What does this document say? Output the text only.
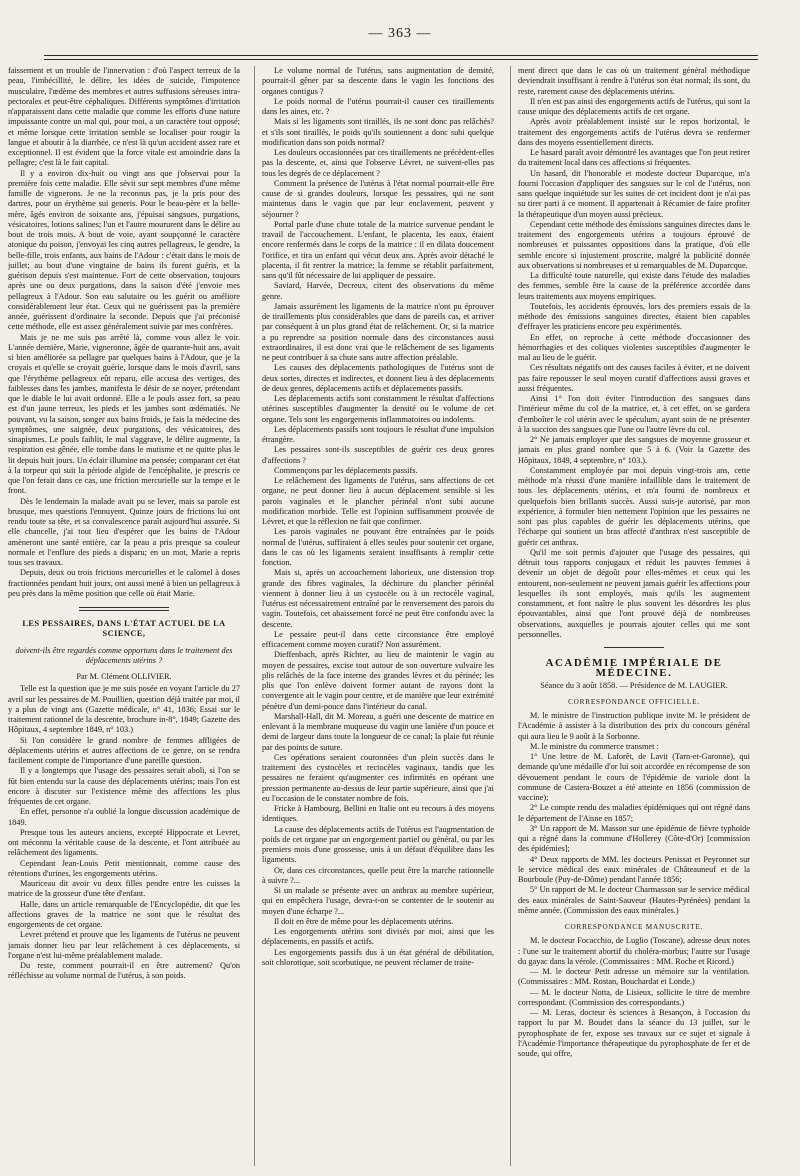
— 363 —

faissement et un trouble de l'innervation : d'où l'aspect terreux de la peau, l'imbécillité, le délire, les idées de suicide, l'impotence musculaire, l'œdème des membres et autres suffusions séreuses intra-pectorales et peut-être céphaliques. Différents symptômes d'irritation n'apparaissent dans cette maladie que comme les efforts d'une nature impuissante contre un mal qui, pour moi, a un caractère tout opposé; et même lorsque cette irritation semble se localiser pour rougir la langue et aboutir à la diarrhée, ce n'est là qu'un accident assez rare et exceptionnel. Il est évident que la force vitale est amoindrie dans la pellagre; c'est là le fait capital.

Il y a environ dix-huit ou vingt ans que j'observai pour la première fois cette maladie. Elle sévit sur sept membres d'une même famille de vignerons. Je ne la reconnus pas, je la pris pour des dartres, pour un érythème sui generis. Pour le beau-père et la belle-mère, âgés environ de soixante ans, j'épuisai sangsues, purgations, vésicatoires, lotions salines; l'un et l'autre moururent dans le délire au bout de trois mois. A bout de voie, ayant soupçonné le caractère atonique du poison, j'envoyai les cinq autres pellagreux, le gendre, la belle-fille, trois enfants, aux bains de l'Adour : c'était dans le mois de juillet; au bout d'une vingtaine de bains ils furent guéris, et la guérison depuis s'est maintenue. Fort de cette observation, toujours après une ou deux purgations, dans la saison d'été j'envoie mes pellagreux à l'Adour. Son eau salutaire ou les guérit ou améliore considérablement leur état. Ceux qui ne guérissent pas la première année, guérissent d'ordinaire la seconde. Depuis que j'ai préconisé cette méthode, elle est assez généralement suivie par mes confrères.

Mais je ne me suis pas arrêté là, comme vous allez le voir. L'année dernière, Marie, vigneronne, âgée de quarante-huit ans, avait si bien améliorée sa pellagre par quelques bains à l'Adour, que je la croyais et qu'elle se croyait guérie, lorsque dans le mois d'avril, sans que l'érythème pellagreux eût reparu, elle accusa des vertiges, des faiblesses dans les jambes, manifesta le désir de se noyer, prétendant que le diable le lui avait ordonné. Elle a le pouls assez fort, sa peau est d'un jaune terreux, les pieds et les jambes sont œdématiés. Ne pouvant, vu la saison, songer aux bains froids, je fais la médecine des symptômes, une saignée, deux purgations, des vésicatoires, des sinapismes. Le pouls faiblit, le mal s'aggrave, le délire augmente, la respiration est gênée, elle tombe dans le mutisme et ne quitte plus le lit depuis huit jours. Un éclair illumine ma pensée; comparant cet état à la torpeur qui suit la période algide de l'encéphalite, je prescris ce que l'on ferait dans ce cas, une friction mercurielle sur la tempe et le front.

Dès le lendemain la malade avait pu se lever, mais sa parole est brusque, mes questions l'ennuyent. Quinze jours de frictions lui ont rendu toute sa tête, et sa convalescence paraît aujourd'hui assurée. Si elle chancelle, j'ai tout lieu d'espérer que les bains de l'Adour amèneront une santé entière, car la peau a pris presque sa couleur normale et l'enflure des pieds a disparu; en un mot, Marie a repris tous ses travaux.

Depuis, deux ou trois frictions mercurielles et le calomel à doses fractionnées pendant huit jours, ont aussi mené à bien un pellagreux à peu près dans la même position que celle où était Marie.

LES PESSAIRES, DANS L'ÉTAT ACTUEL DE LA SCIENCE,
doivent-ils être regardés comme opportuns dans le traitement des déplacements utérins ?
Par M. Clément OLLIVIER.

Telle est la question que je me suis posée en voyant l'article du 27 avril sur les pessaires de M. Pouillien, question déjà traitée par moi, il y a plus de vingt ans (Gazette médicale, n° 41, 1836; Essai sur le traitement rationnel de la descente, brochure in-8°, 1849; Gazette des Hôpitaux, 4 septembre 1849, n° 103.)

Si l'on considère le grand nombre de femmes affligées de déplacements utérins et autres affections de ce genre, on se rendra facilement compte de l'importance d'une pareille question.

Il y a longtemps que l'usage des pessaires serait aboli, si l'on se fût bien entendu sur la cause des déplacements utérins; mais l'on est encore à discuter sur l'existence même des affections les plus fréquentes de cet organe.

En effet, personne n'a oublié la longue discussion académique de 1849.

Presque tous les auteurs anciens, excepté Hippocrate et Levret, ont méconnu la véritable cause de la descente, et l'ont attribuée au relâchement des ligaments.

Cependant Jean-Louis Petit mentionnait, comme cause des rétentions d'urines, les engorgements utérins.

Mauriceau dit avoir vu deux filles pendre entre les cuisses la matrice de la grosseur d'une tête d'enfant.

Halle, dans un article remarquable de l'Encyclopédie, dit que les affections graves de la matrice ne sont que le résultat des engorgements de cet organe.

Levret prétend et prouve que les ligaments de l'utérus ne peuvent jamais donner lieu par leur relâchement à ces déplacements, si l'organe n'est lui-même préalablement malade.

Du reste, comment pourrait-il en être autrement? Qu'on réfléchisse au volume normal de l'utérus, à son poids.

Le volume normal de l'utérus, sans augmentation de densité, pourrait-il gêner par sa descente dans le vagin les fonctions des organes contigus ?

Le poids normal de l'utérus pourrait-il causer ces tiraillements dans les aines, etc. ?

Mais si les ligaments sont tiraillés, ils ne sont donc pas relâchés? et s'ils sont tiraillés, le poids qu'ils soutiennent a donc subi quelque modification dans son poids normal?

Les douleurs occasionnées par ces tiraillements ne précèdent-elles pas la descente, et, ainsi que l'observe Lévret, ne suivent-elles pas tous les degrés de ce déplacement ?

Comment la présence de l'utérus à l'état normal pourrait-elle être cause de si grandes douleurs, lorsque les pessaires, qui ne sont maintenus dans le vagin que par leur enclavement, peuvent y séjourner ?

Portal parle d'une chute totale de la matrice survenue pendant le travail de l'accouchement. L'enfant, le placenta, les eaux, étaient encore renfermés dans le corps de la matrice : il en dilata doucement l'orifice, et tira un enfant qui vécut deux ans. Après avoir détaché le placenta, il fit rentrer la matrice; la femme se rétablit parfaitement, sans qu'il fût nécessaire de lui appliquer de pessaire.

Saviard, Harvée, Decreux, citent des observations du même genre.

Jamais assurément les ligaments de la matrice n'ont pu éprouver de tiraillements plus considérables que dans de pareils cas, et arriver par conséquent à un plus grand état de relâchement. Or, si la matrice a pu reprendre sa position normale dans des circonstances aussi extraordinaires, il est donc vrai que le relâchement de ses ligaments ne peut contribuer à sa chute sans autre affection préalable.

Les causes des déplacements pathologiques de l'utérus sont de deux sortes, directes et indirectes, et donnent lieu à des déplacements de deux genres, déplacements actifs et déplacements passifs.

Les déplacements actifs sont constamment le résultat d'affections utérines susceptibles d'augmenter la densité ou le volume de cet organe. Tels sont les engorgements inflammatoires ou indolents.

Les déplacements passifs sont toujours le résultat d'une impulsion étrangère.

Les pessaires sont-ils susceptibles de guérir ces deux genres d'affections ?

Commençons par les déplacements passifs.

Le relâchement des ligaments de l'utérus, sans affections de cet organe, ne peut donner lieu à aucun déplacement sensible si les parois vaginales et le plancher périnéal n'ont subi aucune modification morbide. Telle est l'opinion suffisamment prouvée de Lévret, et que la réflexion ne fait que confirmer.

Les parois vaginales ne pouvant être entraînées par le poids normal de l'utérus, suffiraient à elles seules pour soutenir cet organe, dans le cas où les ligaments seraient insuffisants à remplir cette fonction.

Mais si, après un accouchement laborieux, une distension trop grande des fibres vaginales, la déchirure du plancher périnéal viennent à donner lieu à un cystocèle ou à un rectocèle vaginal, l'utérus est nécessairement entraîné par le renversement des parois du vagin. Toutefois, cet abaissement forcé ne peut être confondu avec la descente.

Le pessaire peut-il dans cette circonstance être employé efficacement comme moyen curatif? Non assurément.

Dieffenbach, après Richter, au lieu de maintenir le vagin au moyen de pessaires, excise tout autour de son ouverture vulvaire les plis relâchés de la face interne des grandes lèvres et du périnée; les plis que l'on enlève doivent former autant de rayons dont la convergence ait le vagin pour centre, et de manière que leur extrémité pénètre d'un demi-pouce dans l'intérieur du canal.

Marshall-Hall, dit M. Moreau, a guéri une descente de matrice en enlevant à la membrane muqueuse du vagin une lanière d'un pouce et demi de largeur dans toute la longueur de ce canal; la plaie fut réunie par des points de suture.

Ces opérations seraient couronnées d'un plein succès dans le traitement des cystocèles et rectocèles vaginaux, tandis que les pessaires ne feraient qu'augmenter ces infirmités en opérant une pression permanente au-dessus de leur partie supérieure, ainsi que j'ai eu l'occasion de le constater nombre de fois.

Fricke à Hambourg, Bellini en Italie ont eu recours à des moyens identiques.

La cause des déplacements actifs de l'utérus est l'augmentation de poids de cet organe par un engorgement partiel ou général, ou par les premiers mois d'une grossesse, unis à un défaut d'équilibre dans les ligaments.

Or, dans ces circonstances, quelle peut être la marche rationnelle à suivre ?...

Si un malade se présente avec un anthrax au membre supérieur, qui en empêchera l'usage, devra-t-on se contenter de le soutenir au moyen d'une écharpe ?...

Il doit en être de même pour les déplacements utérins.

Les engorgements utérins sont divisés par moi, ainsi que les déplacements, en passifs et actifs.

Les engorgements passifs dus à un état général de débilitation, soit chlorotique, soit scorbutique, ne peuvent réclamer de traite-

ment direct que dans le cas où un traitement général méthodique deviendrait insuffisant à rendre à l'utérus son état normal; ils sont, du reste, rarement cause des déplacements utérins.

Il n'en est pas ainsi des engorgements actifs de l'utérus, qui sont la cause unique des déplacements actifs de cet organe.

Après avoir préalablement insisté sur le repos horizontal, le traitement des engorgements actifs de l'utérus devra se renfermer dans des moyens essentiellement directs.

Le hasard paraît avoir démontré les avantages que l'on peut retirer du traitement local dans ces affections si fréquentes.

Un hasard, dit l'honorable et modeste docteur Duparcque, m'a fourni l'occasion d'appliquer des sangsues sur le col de l'utérus, non sans quelque inquiétude sur les suites de cet incident dont je n'ai pas su tirer parti à ce moment. Il appartenait à Récamier de faire profiter la thérapeutique d'un moyen aussi précieux.

Cependant cette méthode des émissions sanguines directes dans le traitement des engorgements utérins a toujours éprouvé de nombreuses et puissantes oppositions dans la pratique, d'où elle semble encore si injustement proscrite, malgré la publicité donnée aux observations si nombreuses et si remarquables de M. Duparcque.

La difficulté toute naturelle, qui existe dans l'étude des maladies des femmes, semble être la cause de la préférence accordée dans leurs traitements aux moyens empiriques.

Toutefois, les accidents éprouvés, lors des premiers essais de la méthode des émissions sanguines directes, étaient bien capables d'effrayer les praticiens encore peu expérimentés.

En effet, on reproche à cette méthode d'occasionner des hémorrhagies et des coliques violentes susceptibles d'augmenter le mal au lieu de le guérir.

Ces résultats négatifs ont des causes faciles à éviter, et ne doivent pas faire repousser le seul moyen curatif d'affections aussi graves et aussi fréquentes.

Ainsi 1° l'on doit éviter l'introduction des sangsues dans l'intérieur même du col de la matrice, et, à cet effet, on se gardera d'emboîter le col utérin avec le spéculum, ayant soin de ne présenter à la succion des sangsues que l'une ou l'autre lèvre du col.

2° Ne jamais employer que des sangsues de moyenne grosseur et jamais en plus grand nombre que 5 à 6. (Voir la Gazette des Hôpitaux, 1849, 4 septembre, n° 103.).

Constamment employée par moi depuis vingt-trois ans, cette méthode m'a réussi d'une manière infaillible dans le traitement de tous les déplacements utérins, et m'a fourni de nombreux et quelquefois bien brillants succès. Aussi suis-je autorisé, par mon expérience, à formuler bien nettement l'opinion que les pessaires ne sont pas plus capables de guérir les déplacements utérins, que l'écharpe qui soutient un bras affecté d'anthrax n'est susceptible de guérir cet anthrax.

Qu'il me soit permis d'ajouter que l'usage des pessaires, qui détruit tous rapports conjugaux et réduit les pauvres femmes à devenir un objet de dégoût pour elles-mêmes et ceux qui les entourent, non-seulement ne peuvent jamais guérir les affections pour lesquelles ils sont employés, mais qu'ils les augmentent constamment, et font naître le plus souvent les désordres les plus épouvantables, ainsi que l'ont prouvé déjà de nombreuses observations, auxquelles je pourrais ajouter celles qui me sont personnelles.

ACADÉMIE IMPÉRIALE DE MÉDECINE.
Séance du 3 août 1858. — Présidence de M. LAUGIER.
CORRESPONDANCE OFFICIELLE.

M. le ministre de l'instruction publique invite M. le président de l'Académie à assister à la distribution des prix du concours général qui aura lieu le 9 août à la Sorbonne.

M. le ministre du commerce transmet :

1° Une lettre de M. Laforêt, de Lavit (Tarn-et-Garonne), qui demande qu'une médaille d'or lui soit accordée en récompense de son dévouement pendant le cours de l'épidémie de variole dont la commune de Castera-Bouzet a été atteinte en 1856 (commission de vaccine);

2° Le compte rendu des maladies épidémiques qui ont régné dans le département de l'Aisne en 1857;

3° Un rapport de M. Masson sur une épidémie de fièvre typhoïde qui a régné dans la commune d'Hollerey (Côte-d'Or) [commission des épidémies];

4° Deux rapports de MM. les docteurs Penissat et Peyronnet sur le service médical des eaux minérales de Châteauneuf et de la Bourboule (Puy-de-Dôme) pendant l'année 1856;

5° Un rapport de M. le docteur Charmasson sur le service médical des eaux minérales de Saint-Sauveur (Hautes-Pyrénées) pendant la même année. (Commission des eaux minérales.)

CORRESPONDANCE MANUSCRITE.

M. le docteur Focacchio, de Luglio (Toscane), adresse deux notes : l'une sur le traitement abortif du choléra-morbus; l'autre sur l'usage du gayac dans la vérole. (Commissaires : MM. Roche et Ricord.)

— M. le docteur Petit adresse un mémoire sur la ventilation. (Commissaires : MM. Rostan, Bouchardat et Londe.)

— M. le docteur Notta, de Lisieux, sollicite le titre de membre correspondant. (Commission des correspondants.)

— M. Leras, docteur ès sciences à Besançon, à l'occasion du rapport lu par M. Boudet dans la séance du 13 juillet, sur le pyrophosphate de fer, expose ses travaux sur ce sujet et signale à l'Académie l'importance thérapeutique du pyrophosphate de fer et de soude, qui offre,
